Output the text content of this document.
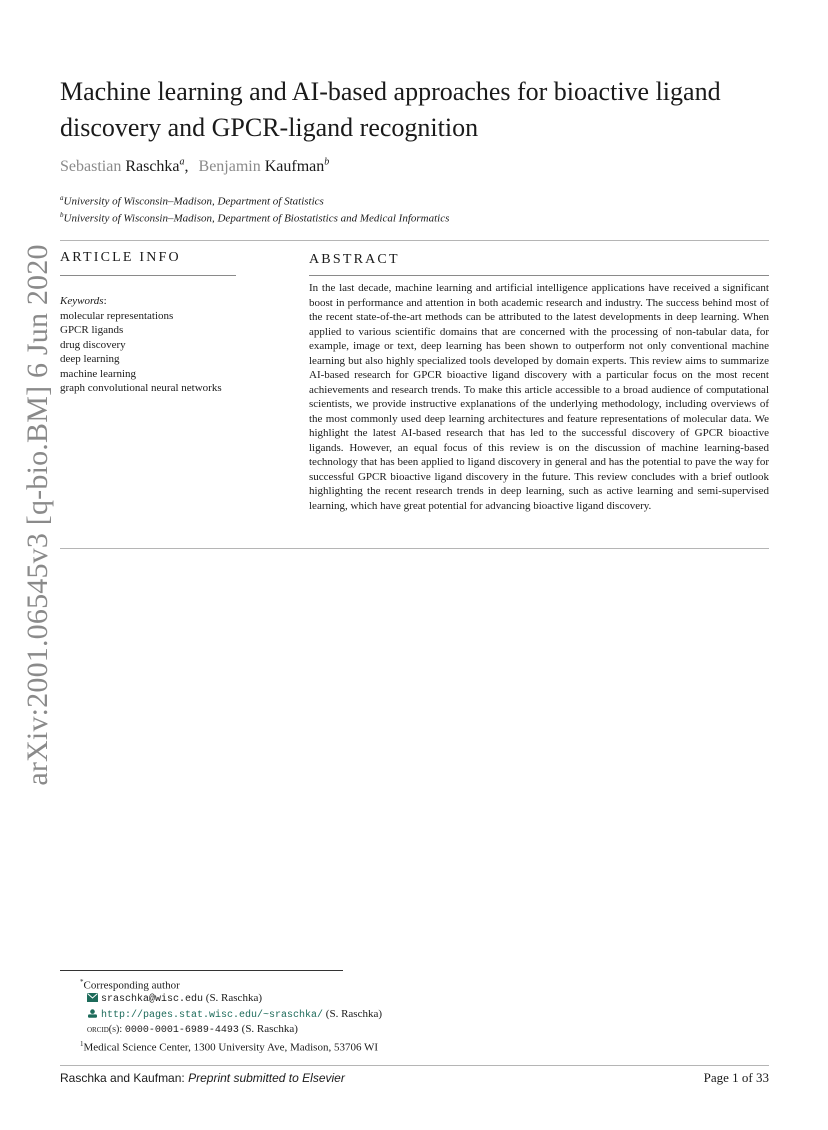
arXiv:2001.06545v3 [q-bio.BM] 6 Jun 2020
Machine learning and AI-based approaches for bioactive ligand discovery and GPCR-ligand recognition
Sebastian Raschka$^a$, Benjamin Kaufman$^b$
$^a$University of Wisconsin–Madison, Department of Statistics
$^b$University of Wisconsin–Madison, Department of Biostatistics and Medical Informatics
ARTICLE INFO
Keywords:
molecular representations
GPCR ligands
drug discovery
deep learning
machine learning
graph convolutional neural networks
ABSTRACT

In the last decade, machine learning and artificial intelligence applications have received a significant boost in performance and attention in both academic research and industry. The success behind most of the recent state-of-the-art methods can be attributed to the latest developments in deep learning. When applied to various scientific domains that are concerned with the processing of non-tabular data, for example, image or text, deep learning has been shown to outperform not only conventional machine learning but also highly specialized tools developed by domain experts. This review aims to summarize AI-based research for GPCR bioactive ligand discovery with a particular focus on the most recent achievements and research trends. To make this article accessible to a broad audience of computational scientists, we provide instructive explanations of the underlying methodology, including overviews of the most commonly used deep learning architectures and feature representations of molecular data. We highlight the latest AI-based research that has led to the successful discovery of GPCR bioactive ligands. However, an equal focus of this review is on the discussion of machine learning-based technology that has been applied to ligand discovery in general and has the potential to pave the way for successful GPCR bioactive ligand discovery in the future. This review concludes with a brief outlook highlighting the recent research trends in deep learning, such as active learning and semi-supervised learning, which have great potential for advancing bioactive ligand discovery.

*Corresponding author
sraschka@wisc.edu (S. Raschka)
http://pages.stat.wisc.edu/~sraschka/ (S. Raschka)
orcid(s): 0000-0001-6989-4493 (S. Raschka)
$^1$Medical Science Center, 1300 University Ave, Madison, 53706 WI
Raschka and Kaufman: Preprint submitted to Elsevier	Page 1 of 33
